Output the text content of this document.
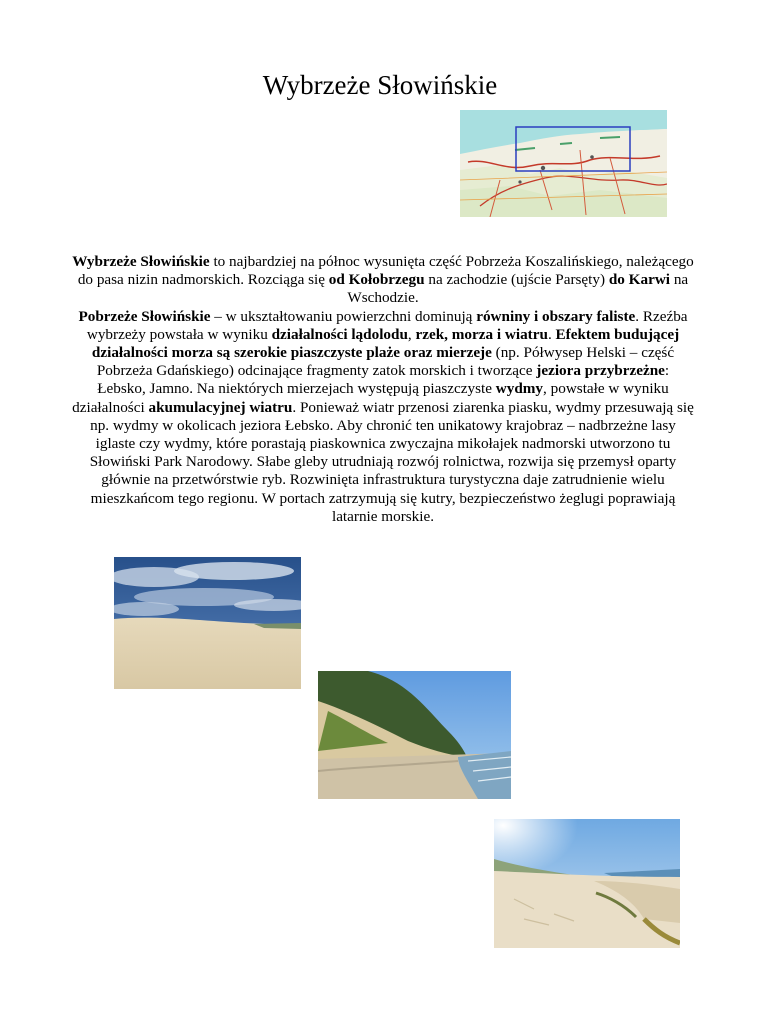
Wybrzeże Słowińskie

Wybrzeże Słowińskie to najbardziej na północ wysunięta część Pobrzeża Koszalińskiego, należącego do pasa nizin nadmorskich. Rozciąga się od Kołobrzegu na zachodzie (ujście Parsęty) do Karwi na Wschodzie.
Pobrzeże Słowińskie – w ukształtowaniu powierzchni dominują równiny i obszary faliste. Rzeźba wybrzeży powstała w wyniku działalności lądolodu, rzek, morza i wiatru. Efektem budującej działalności morza są szerokie piaszczyste plaże oraz mierzeje (np. Półwysep Helski – część Pobrzeża Gdańskiego) odcinające fragmenty zatok morskich i tworzące jeziora przybrzeżne: Łebsko, Jamno. Na niektórych mierzejach występują piaszczyste wydmy, powstałe w wyniku działalności akumulacyjnej wiatru. Ponieważ wiatr przenosi ziarenka piasku, wydmy przesuwają się np. wydmy w okolicach jeziora Łebsko. Aby chronić ten unikatowy krajobraz – nadbrzeżne lasy iglaste czy wydmy, które porastają piaskownica zwyczajna mikołajek nadmorski utworzono tu Słowiński Park Narodowy. Słabe gleby utrudniają rozwój rolnictwa, rozwija się przemysł oparty głównie na przetwórstwie ryb. Rozwinięta infrastruktura turystyczna daje zatrudnienie wielu mieszkańcom tego regionu. W portach zatrzymują się kutry, bezpieczeństwo żeglugi poprawiają latarnie morskie.
